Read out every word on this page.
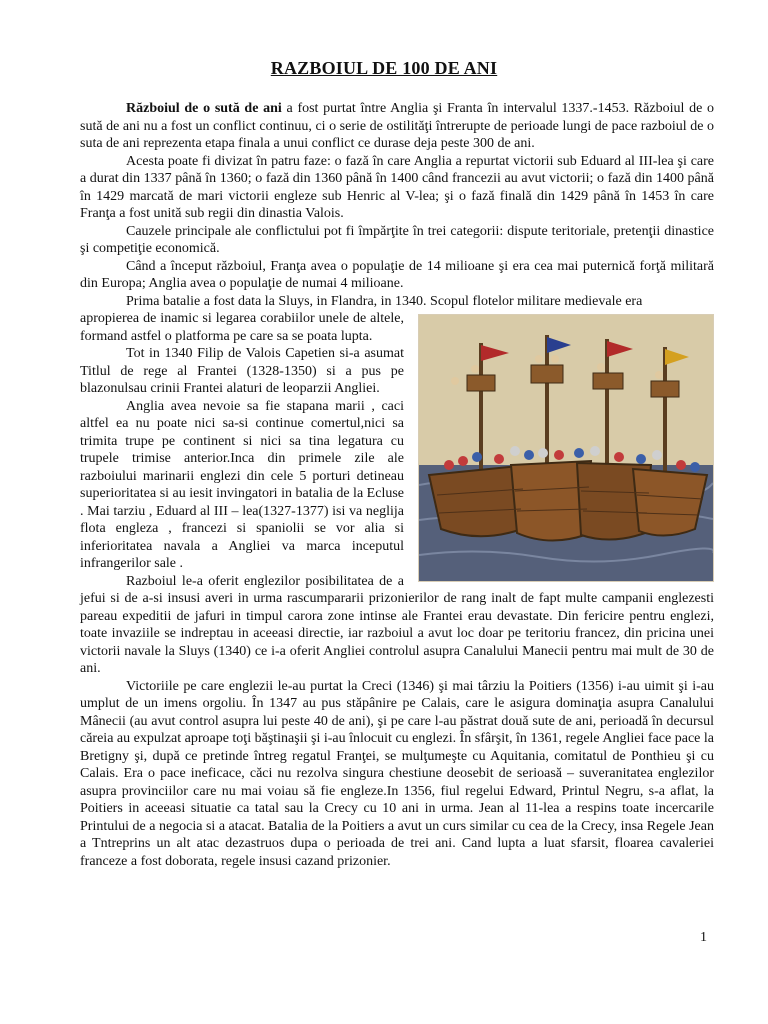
RAZBOIUL DE 100 DE ANI

Războiul de o sută de ani a fost purtat între Anglia şi Franta în intervalul 1337.-1453. Războiul de o sută de ani nu a fost un conflict continuu, ci o serie de ostilităţi întrerupte de perioade lungi de pace razboiul de o suta de ani reprezenta etapa finala a unui conflict ce durase deja peste 300 de ani.

Acesta poate fi divizat în patru faze: o fază în care Anglia a repurtat victorii sub Eduard al III-lea şi care a durat din 1337 până în 1360; o fază din 1360 până în 1400 când francezii au avut victorii; o fază din 1400 până în 1429 marcată de mari victorii engleze sub Henric al V-lea; şi o fază finală din 1429 până în 1453 în care Franţa a fost unită sub regii din dinastia Valois.

Cauzele principale ale conflictului pot fi împărţite în trei categorii: dispute teritoriale, pretenţii dinastice şi competiţie economică.

Când a început războiul, Franţa avea o populaţie de 14 milioane şi era cea mai puternică forţă militară din Europa; Anglia avea o populaţie de numai 4 milioane.

Prima batalie a fost data la Sluys, in Flandra, in 1340. Scopul flotelor militare medievale era

apropierea de inamic si legarea corabiilor unele de altele, formand astfel o platforma pe care sa se poata lupta.

Tot in 1340 Filip de Valois Capetien si-a asumat Titlul de rege al Frantei (1328-1350) si a pus pe blazonulsau crinii Frantei alaturi de leoparzii Angliei.

Anglia avea nevoie sa fie stapana marii , caci altfel ea nu poate nici sa-si continue comertul,nici sa trimita trupe pe continent si nici sa tina legatura cu trupele trimise anterior.Inca din primele zile ale razboiului marinarii englezi din cele 5 porturi detineau superioritatea si au iesit invingatori in batalia de la Ecluse . Mai tarziu , Eduard al III – lea(1327-1377) isi va neglija flota engleza , francezi si spaniolii se vor alia si inferioritatea navala a Angliei va marca inceputul infrangerilor sale .

Razboiul le-a oferit englezilor posibilitatea de a jefui si de a-si insusi averi in urma rascumpararii prizonierilor de rang inalt de fapt multe campanii englezesti pareau expeditii de jafuri in timpul carora zone intinse ale Frantei erau devastate. Din fericire pentru englezi, toate invaziile se indreptau in aceeasi directie, iar razboiul a avut loc doar pe teritoriu francez, din pricina unei victorii navale la Sluys (1340) ce i-a oferit Angliei controlul asupra Canalului Manecii pentru mai mult de 30 de ani.

Victoriile pe care englezii le-au purtat la Creci (1346) şi mai târziu la Poitiers (1356) i-au uimit şi i-au umplut de un imens orgoliu. În 1347 au pus stăpânire pe Calais, care le asigura dominaţia asupra Canalului Mânecii (au avut control asupra lui peste 40 de ani), şi pe care l-au păstrat două sute de ani, perioadă în decursul căreia au expulzat aproape toţi băştinaşii şi i-au înlocuit cu englezi. În sfârşit, în 1361, regele Angliei face pace la Bretigny şi, după ce pretinde întreg regatul Franţei, se mulţumeşte cu Aquitania, comitatul de Ponthieu şi cu Calais. Era o pace ineficace, căci nu rezolva singura chestiune deosebit de serioasă – suveranitatea englezilor asupra provinciilor care nu mai voiau să fie engleze.In 1356, fiul regelui Edward, Printul Negru, s-a aflat, la Poitiers in aceeasi situatie ca tatal sau la Crecy cu 10 ani in urma. Jean al 11-lea a respins toate incercarile Printului de a negocia si a atacat. Batalia de la Poitiers a avut un curs similar cu cea de la Crecy, insa Regele Jean a Tntreprins un alt atac dezastruos dupa o perioada de trei ani. Cand lupta a luat sfarsit, floarea cavaleriei franceze a fost doborata, regele insusi cazand prizonier.

1
